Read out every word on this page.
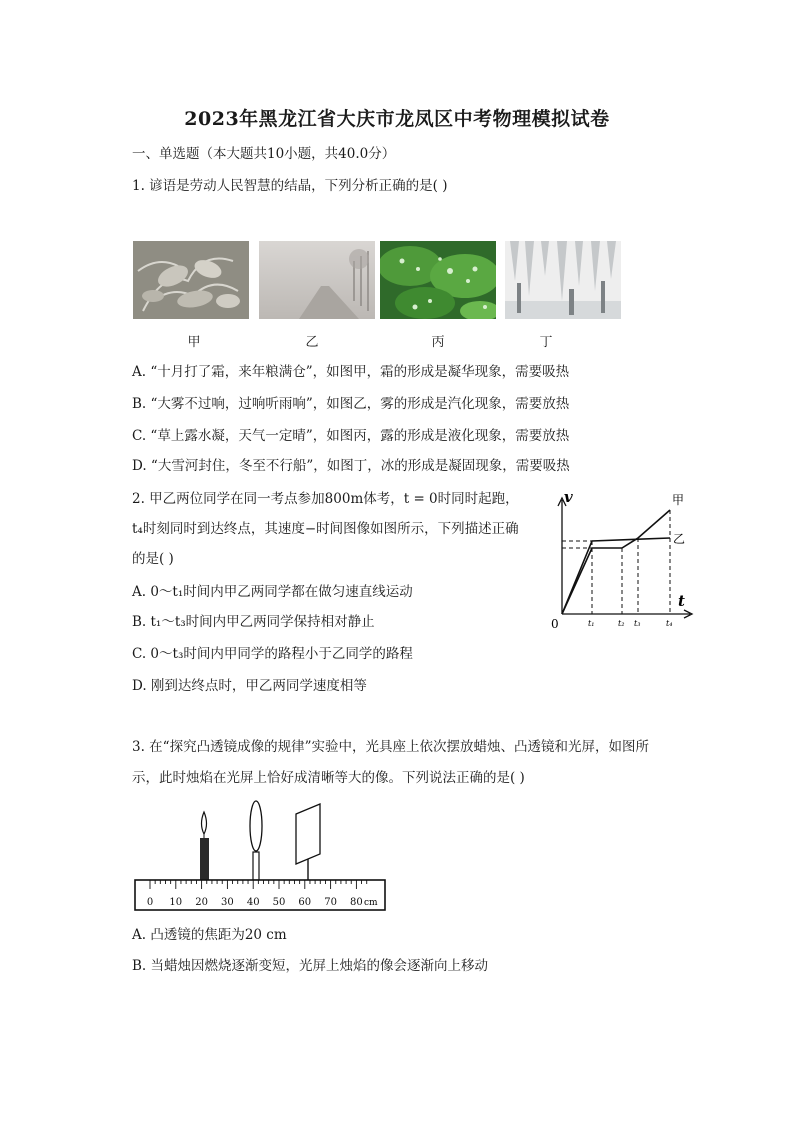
2023年黑龙江省大庆市龙凤区中考物理模拟试卷
一、单选题（本大题共10小题，共40.0分）
1. 谚语是劳动人民智慧的结晶，下列分析正确的是( )
甲	乙	丙	丁
A. “十月打了霜，来年粮满仓”，如图甲，霜的形成是凝华现象，需要吸热
B. “大雾不过响，过响听雨响”，如图乙，雾的形成是汽化现象，需要放热
C. “草上露水凝，天气一定晴”，如图丙，露的形成是液化现象，需要放热
D. “大雪河封住，冬至不行船”，如图丁，冰的形成是凝固现象，需要吸热
2. 甲乙两位同学在同一考点参加800m体考，t = 0时同时起跑，
t₄时刻同时到达终点，其速度−时间图像如图所示，下列描述正确
的是( )
A. 0～t₁时间内甲乙两同学都在做匀速直线运动
B. t₁～t₃时间内甲乙两同学保持相对静止
C. 0～t₃时间内甲同学的路程小于乙同学的路程
D. 刚到达终点时，甲乙两同学速度相等
v
t
0	t₁	t₂ t₃	t₄
甲
乙
3. 在“探究凸透镜成像的规律”实验中，光具座上依次摆放蜡烛、凸透镜和光屏，如图所
示，此时烛焰在光屏上恰好成清晰等大的像。下列说法正确的是( )
0 10 20 30 40 50 60 70 80 cm
A. 凸透镜的焦距为20 cm
B. 当蜡烛因燃烧逐渐变短，光屏上烛焰的像会逐渐向上移动
